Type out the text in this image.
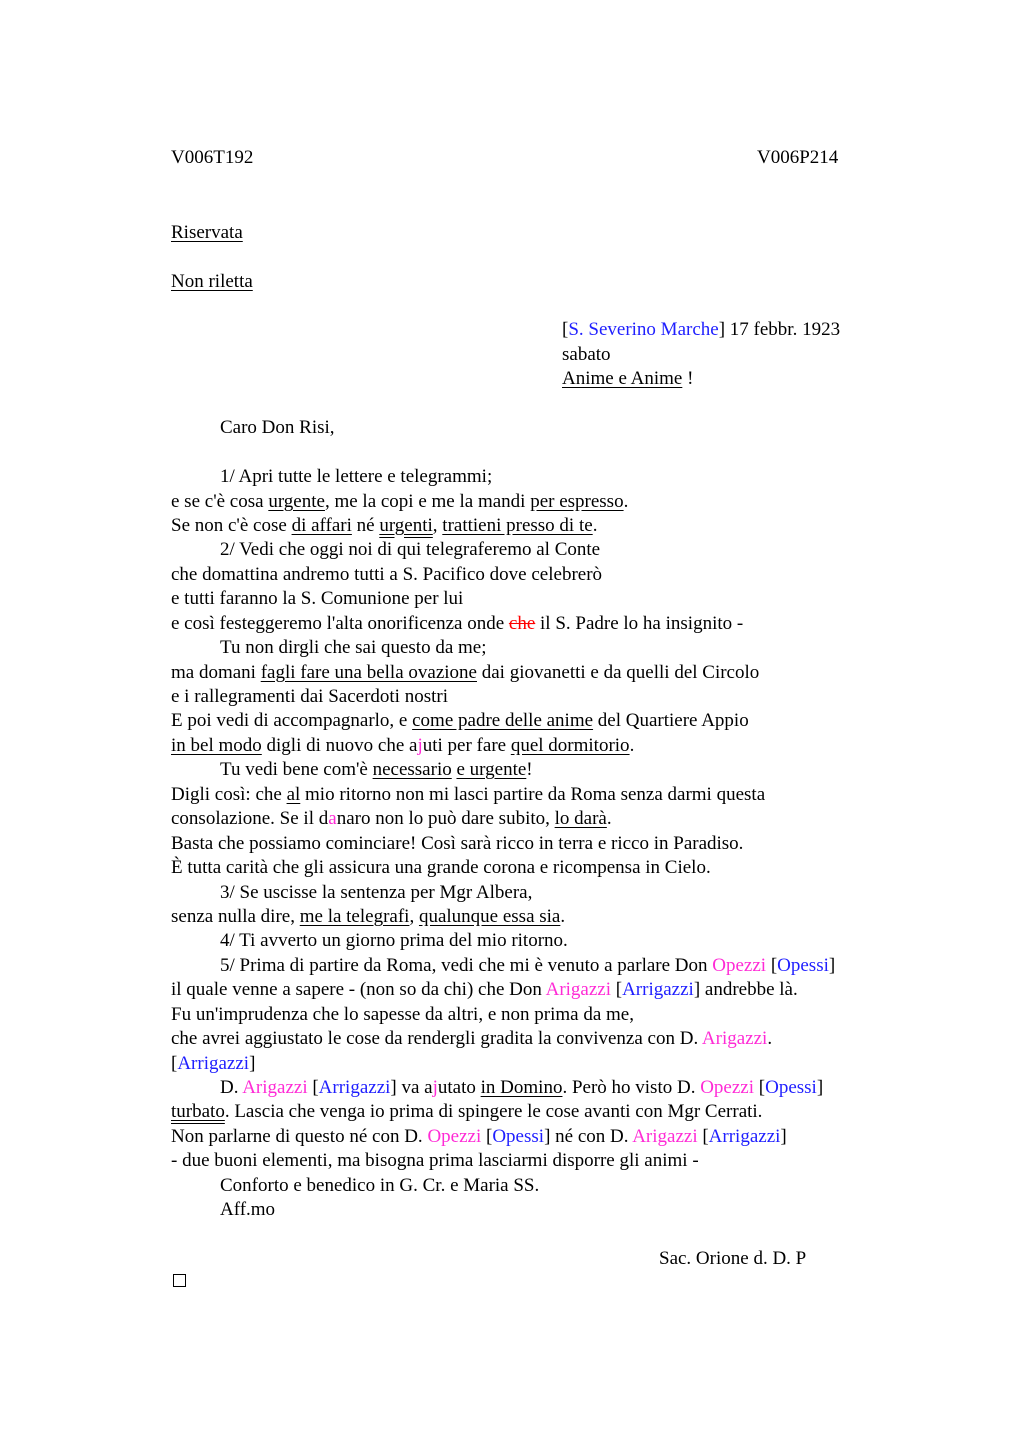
V006T192	V006P214
Riservata
Non riletta
[S. Severino Marche] 17 febbr. 1923
sabato
Anime e Anime !
Caro Don Risi,
1/ Apri tutte le lettere e telegrammi;
e se c'è cosa urgente, me la copi e me la mandi per espresso.
Se non c'è cose di affari né urgenti, trattieni presso di te.
2/ Vedi che oggi noi di qui telegraferemo al Conte
che domattina andremo tutti a S. Pacifico dove celebrerò
e tutti faranno la S. Comunione per lui
e così festeggeremo l'alta onorificenza onde che il S. Padre lo ha insignito -
Tu non dirgli che sai questo da me;
ma domani fagli fare una bella ovazione dai giovanetti e da quelli del Circolo
e i rallegramenti dai Sacerdoti nostri
E poi vedi di accompagnarlo, e come padre delle anime del Quartiere Appio
in bel modo digli di nuovo che ajuti per fare quel dormitorio.
Tu vedi bene com'è necessario e urgente!
Digli così: che al mio ritorno non mi lasci partire da Roma senza darmi questa
consolazione. Se il danaro non lo può dare subito, lo darà.
Basta che possiamo cominciare! Così sarà ricco in terra e ricco in Paradiso.
È tutta carità che gli assicura una grande corona e ricompensa in Cielo.
3/ Se uscisse la sentenza per Mgr Albera,
senza nulla dire, me la telegrafi, qualunque essa sia.
4/ Ti avverto un giorno prima del mio ritorno.
5/ Prima di partire da Roma, vedi che mi è venuto a parlare Don Opezzi [Opessi]
il quale venne a sapere - (non so da chi) che Don Arigazzi [Arrigazzi] andrebbe là.
Fu un'imprudenza che lo sapesse da altri, e non prima da me,
che avrei aggiustato le cose da rendergli gradita la convivenza con D. Arigazzi.
[Arrigazzi]
D. Arigazzi [Arrigazzi] va ajutato in Domino. Però ho visto D. Opezzi [Opessi]
turbato. Lascia che venga io prima di spingere le cose avanti con Mgr Cerrati.
Non parlarne di questo né con D. Opezzi [Opessi] né con D. Arigazzi [Arrigazzi]
- due buoni elementi, ma bisogna prima lasciarmi disporre gli animi -
Conforto e benedico in G. Cr. e Maria SS.
Aff.mo
Sac. Orione d. D. P
